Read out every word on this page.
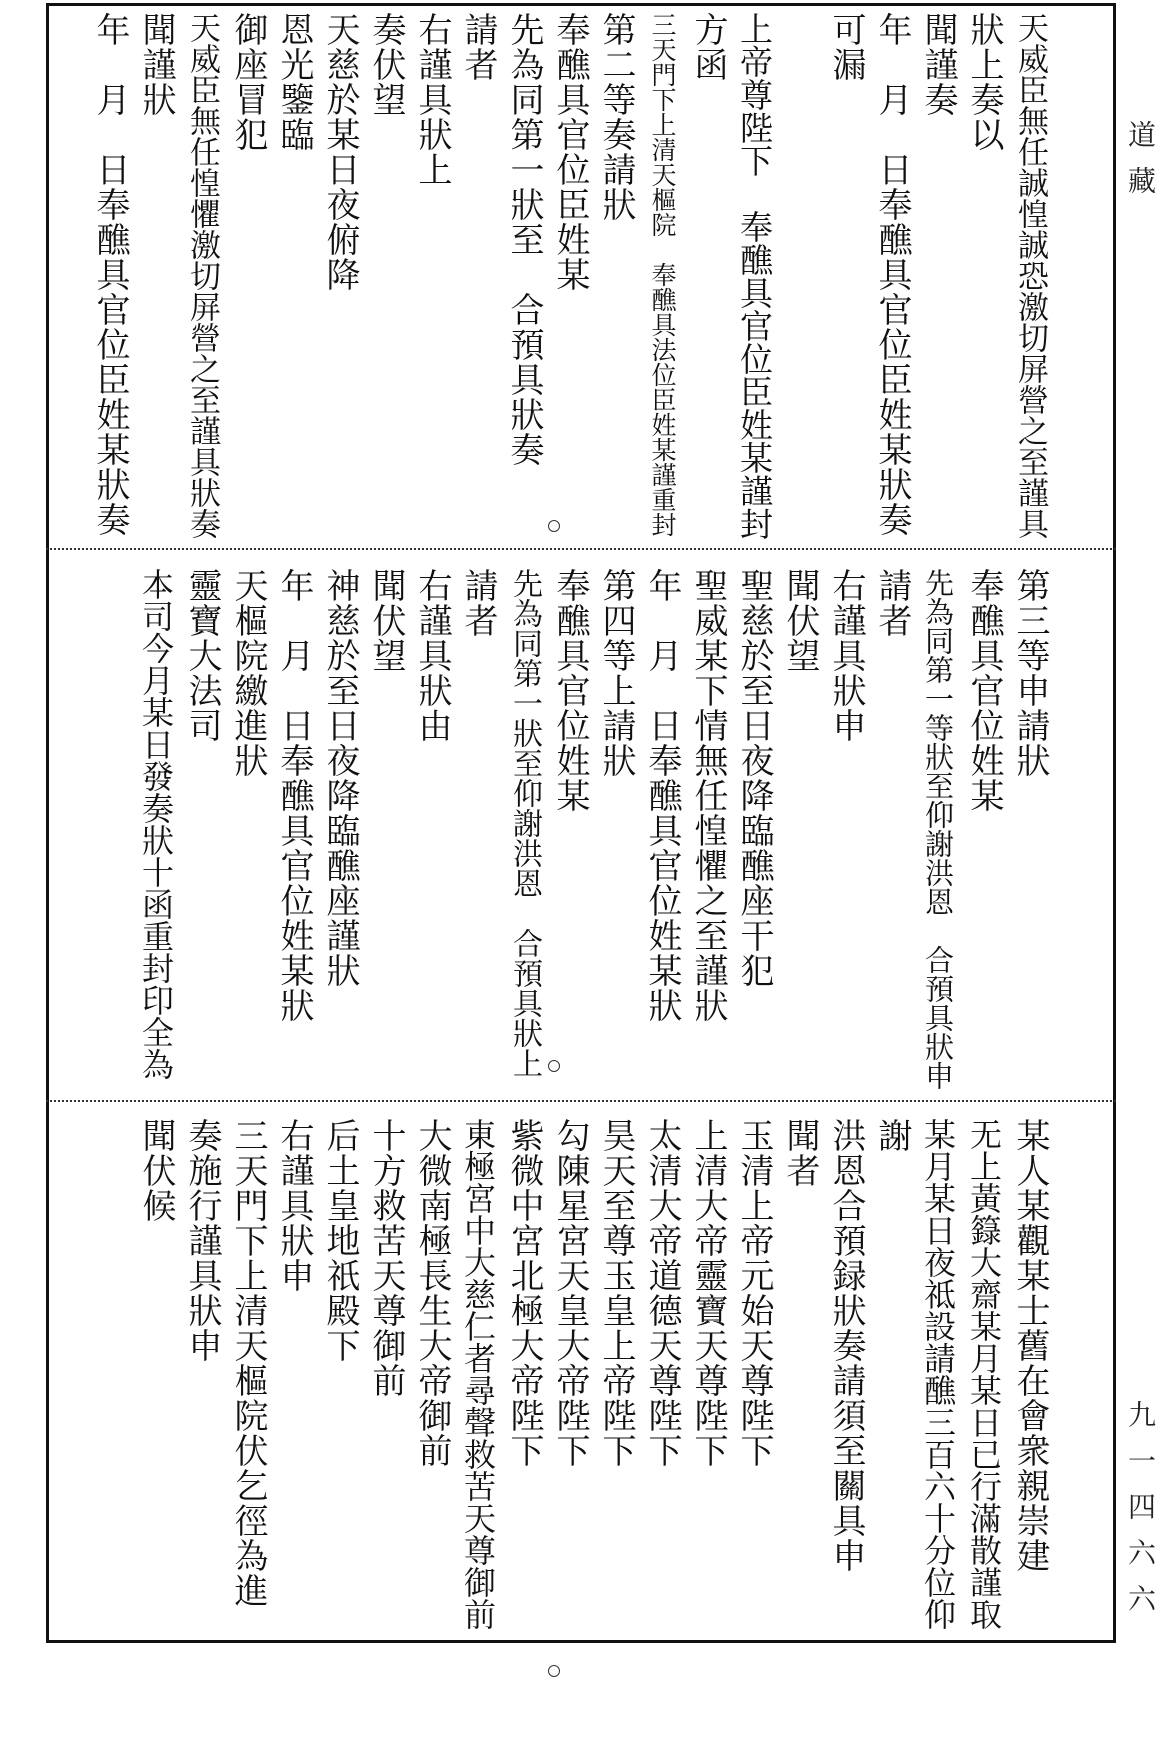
道藏
九一四六六
天威臣無任誠惶誠恐激切屏營之至謹具
狀上奏以
聞謹奏
年　月　日奉醮具官位臣姓某狀奏
可漏
上帝尊陛下　奉醮具官位臣姓某謹封
方函
三天門下上清天樞院　奉醮具法位臣姓某謹重封
第二等奏請狀
奉醮具官位臣姓某
先為同第一狀至　合預具狀奏
請者
右謹具狀上
奏伏望
天慈於某日夜俯降
恩光鑒臨
御座冒犯
天威臣無任惶懼激切屏營之至謹具狀奏
聞謹狀
年　月　日奉醮具官位臣姓某狀奏
第三等申請狀
奉醮具官位姓某
先為同第一等狀至仰謝洪恩　合預具狀申
請者
右謹具狀申
聞伏望
聖慈於至日夜降臨醮座干犯
聖威某下情無任惶懼之至謹狀
年　月　日奉醮具官位姓某狀
第四等上請狀
奉醮具官位姓某
先為同第一狀至仰謝洪恩　合預具狀上
請者
右謹具狀由
聞伏望
神慈於至日夜降臨醮座謹狀
年　月　日奉醮具官位姓某狀
天樞院繳進狀
靈寶大法司
本司今月某日發奏狀十函重封印全為
某人某觀某士舊在會衆親崇建
无上黃籙大齋某月某日已行滿散謹取
某月某日夜祗設請醮三百六十分位仰
謝
洪恩合預録狀奏請須至關具申
聞者
玉清上帝元始天尊陛下
上清大帝靈寶天尊陛下
太清大帝道德天尊陛下
昊天至尊玉皇上帝陛下
勾陳星宮天皇大帝陛下
紫微中宮北極大帝陛下
東極宮中大慈仁者尋聲救苦天尊御前
大微南極長生大帝御前
十方救苦天尊御前
后土皇地祇殿下
右謹具狀申
三天門下上清天樞院伏乞徑為進
奏施行謹具狀申
聞伏候
